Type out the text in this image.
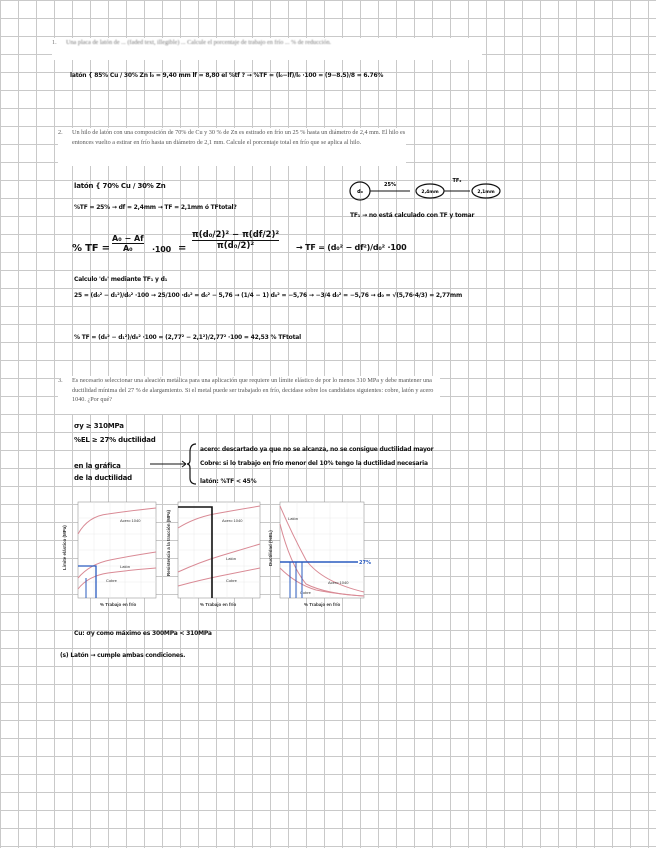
1. Una placa de latón de ... (faded text, illegible) ... Calcule el porcentaje de trabajo en frío ... % de reducción.
latón { 85% Cu / 30% Zn l₀ = 9,40 mm lf = 8,80 el %tf ? → %TF = (l₀−lf)/l₀ ·100 = (9−8.5)/8 = 6.76%
2. Un hilo de latón con una composición de 70% de Cu y 30 % de Zn es estirado en frío un 25 % hasta un diámetro de 2,4 mm. El hilo es entonces vuelto a estirar en frío hasta un diámetro de 2,1 mm. Calcule el porcentaje total en frío que se aplica al hilo.
latón { 70% Cu / 30% Zn
%TF = 25% → df = 2,4mm → TF = 2,1mm ó TFtotal?
d₀	2,4mm	2,1mm
25%
TF₂
TF₁ → no está calculado con TF y tomar
% TF =
A₀ − Af
A₀ ·100 =
π(d₀/2)² − π(df/2)²
π(d₀/2)²	→ TF = (d₀² − df²)/d₀² ·100
Calculo 'd₀' mediante TF₁ y d₁
25 = (d₀² − d₁²)/d₀² ·100 → 25/100 ·d₀² = d₀² − 5,76 → (1/4 − 1) d₀² = −5,76 → −3/4 d₀² = −5,76 → d₀ = √(5,76·4/3) = 2,77mm
% TF = (d₀² − d₁²)/d₀² ·100 = (2,77² − 2,1²)/2,77² ·100 = 42,53 % TFtotal
3. Es necesario seleccionar una aleación metálica para una aplicación que requiere un límite elástico de por lo menos 310 MPa y debe mantener una ductilidad mínima del 27 % de alargamiento. Si el metal puede ser trabajado en frío, decidase sobre los candidatos siguientes: cobre, latón y acero 1040. ¿Por qué?
σy ≥ 310MPa
%EL ≥ 27% ductilidad
en la gráfica
de la ductilidad
acero: descartado ya que no se alcanza, no se consigue ductilidad mayor
Cobre: si lo trabajo en frío menor del 10% tengo la ductilidad necesaria
latón: %TF < 45%
Acero 1040
Latón
Cobre
Límite elástico (MPa)
% Trabajo en frío
Acero 1040
Latón
Cobre
Resistencia a la tracción (MPa)
% Trabajo en frío
Latón
Acero 1040
Cobre
27%
Ductilidad (%EL)
% Trabajo en frío
Cu: σy como máximo es 300MPa < 310MPa
(s) Latón → cumple ambas condiciones.
